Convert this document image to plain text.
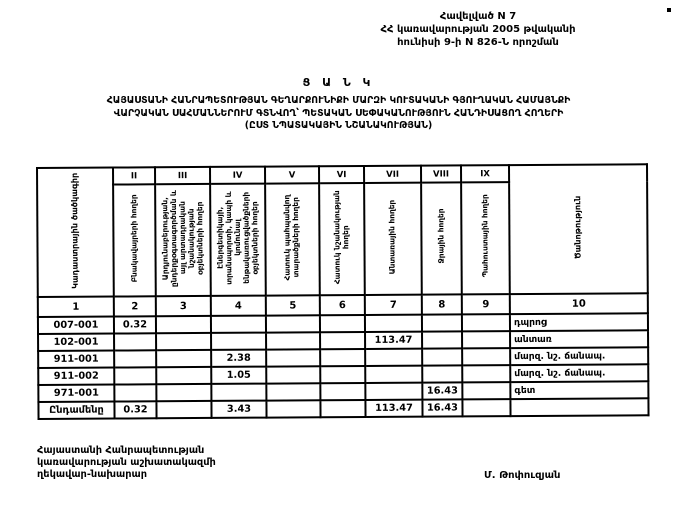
Հավելված N 7
ՀՀ կառավարության 2005 թվականի
հունիսի 9-ի N 826-Ն որոշման
Ց Ա Ն Կ
ՀԱՅԱՍՏԱՆԻ ՀԱՆՐԱՊԵՏՈՒԹՅԱՆ ԳԵՂԱՐՔՈՒՆԻՔԻ ՄԱՐԶԻ ԿՈՒՏԱԿԱՆԻ ԳՅՈՒՂԱԿԱՆ ՀԱՄԱՅՆՔԻ
ՎԱՐՉԱԿԱՆ ՍԱՀՄԱՆՆԵՐՈՒՄ ԳՏՆՎՈՂ՝ ՊԵՏԱԿԱՆ ՍԵՓԱԿԱՆՈՒԹՅՈՒՆ ՀԱՆԴԻՍԱՑՈՂ ՀՈՂԵՐԻ
(ԸՍՏ ՆՊԱՏԱԿԱՅԻՆ ՆՇԱՆԱԿՈՒԹՅԱՆ)
Կադաստրային ծածկագիր	II	III	IV	V	VI	VII	VIII	IX	Ծանոթություն
	Բնակավայրերի հողեր	Արդյունաբերության, ընդերքօգտագործման և այլ արտադրական նշանակության օբյեկտների հողեր	Էներգետիկայի, տրանսպորտի, կապի և կոմունալ ենթակառուցվածքների օբյեկտների հողեր	Հատուկ պահպանվող տարածքների հողեր	Հատուկ նշանակության հողեր	Անտառային հողեր	Ջրային հողեր	Պահուստային հողեր	
1	2	3	4	5	6	7	8	9	10
007-001	0.32								դպրոց
102-001						113.47			անտառ
911-001			2.38						մարզ. նշ. ճանապ.
911-002			1.05						մարզ. նշ. ճանապ.
971-001							16.43		գետ
Ընդամենը	0.32		3.43			113.47	16.43		
Հայաստանի Հանրապետության
կառավարության աշխատակազմի
ղեկավար-նախարար	Մ. Թոփուզյան
